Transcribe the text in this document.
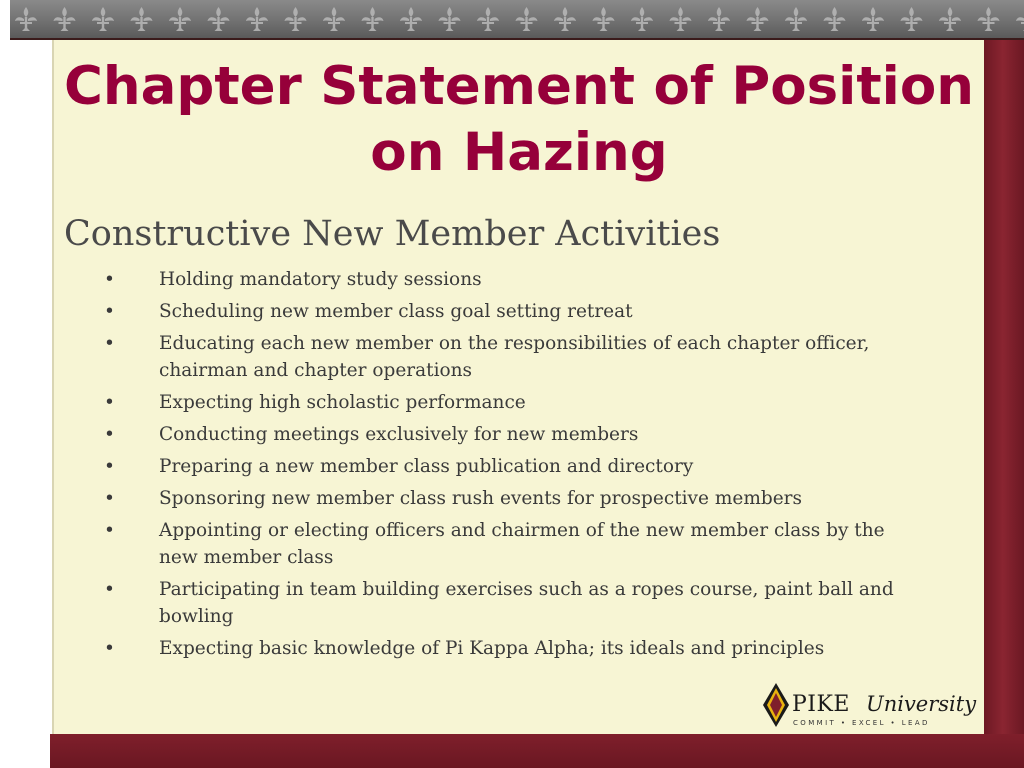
Chapter Statement of Position on Hazing
Constructive New Member Activities
• Holding mandatory study sessions
• Scheduling new member class goal setting retreat
• Educating each new member on the responsibilities of each chapter officer,
chairman and chapter operations
• Expecting high scholastic performance
• Conducting meetings exclusively for new members
• Preparing a new member class publication and directory
• Sponsoring new member class rush events for prospective members
• Appointing or electing officers and chairmen of the new member class by the
new member class
• Participating in team building exercises such as a ropes course, paint ball and
bowling
• Expecting basic knowledge of Pi Kappa Alpha; its ideals and principles
PIKE University
COMMIT • EXCEL • LEAD
